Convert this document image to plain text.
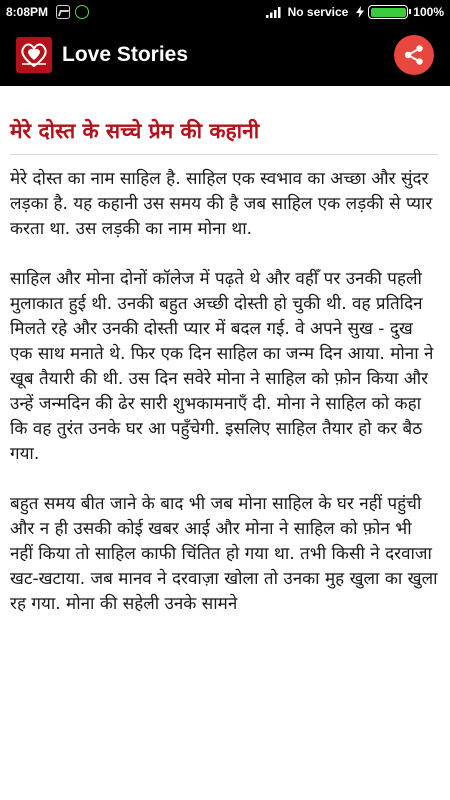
8:08PM	No service	100%
Love Stories
मेरे दोस्त के सच्चे प्रेम की कहानी

मेरे दोस्त का नाम साहिल है. साहिल एक स्वभाव का अच्छा और सुंदर लड़का है. यह कहानी उस समय की है जब साहिल एक लड़की से प्यार करता था. उस लड़की का नाम मोना था.

साहिल और मोना दोनों कॉलेज में पढ़ते थे और वहीँ पर उनकी पहली मुलाकात हुई थी. उनकी बहुत अच्छी दोस्ती हो चुकी थी. वह प्रतिदिन मिलते रहे और उनकी दोस्ती प्यार में बदल गई. वे अपने सुख - दुख एक साथ मनाते थे. फिर एक दिन साहिल का जन्म दिन आया. मोना ने खूब तैयारी की थी. उस दिन सवेरे मोना ने साहिल को फ़ोन किया और उन्हें जन्मदिन की ढेर सारी शुभकामनाएँ दी. मोना ने साहिल को कहा कि वह तुरंत उनके घर आ पहुँचेगी. इसलिए साहिल तैयार हो कर बैठ गया.

बहुत समय बीत जाने के बाद भी जब मोना साहिल के घर नहीं पहुंची और न ही उसकी कोई खबर आई और मोना ने साहिल को फ़ोन भी नहीं किया तो साहिल काफी चिंतित हो गया था. तभी किसी ने दरवाजा खट-खटाया. जब मानव ने दरवाज़ा खोला तो उनका मुह खुला का खुला रह गया. मोना की सहेली उनके सामने
